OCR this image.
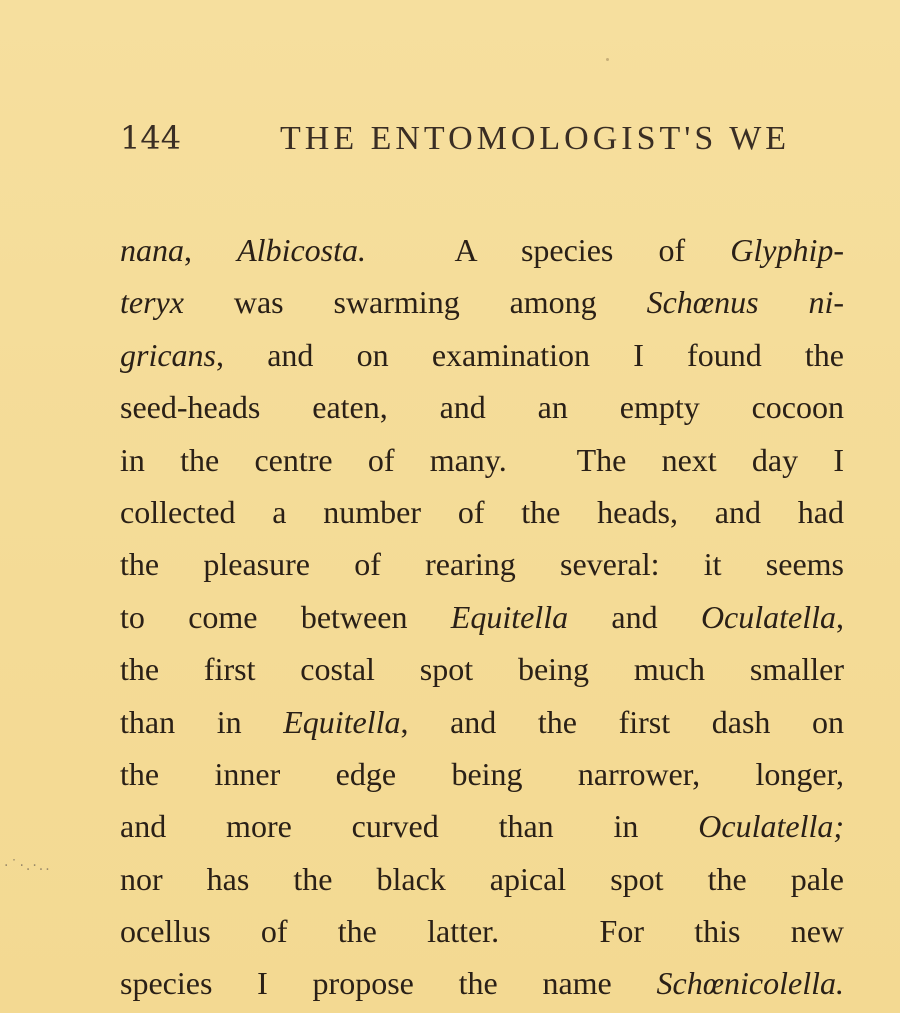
144	THE ENTOMOLOGIST'S WE
nana, Albicosta.  A species of Glyphip-
teryx was swarming among Schœnus ni-
gricans, and on examination I found the
seed-heads eaten, and an empty cocoon
in the centre of many.  The next day I
collected a number of the heads, and had
the pleasure of rearing several: it seems
to come between Equitella and Oculatella,
the first costal spot being much smaller
than in Equitella, and the first dash on
the inner edge being narrower, longer,
and more curved than in Oculatella;
nor has the black apical spot the pale
ocellus of the latter.  For this new
species I propose the name Schœnicolella.
·˙·.·..
